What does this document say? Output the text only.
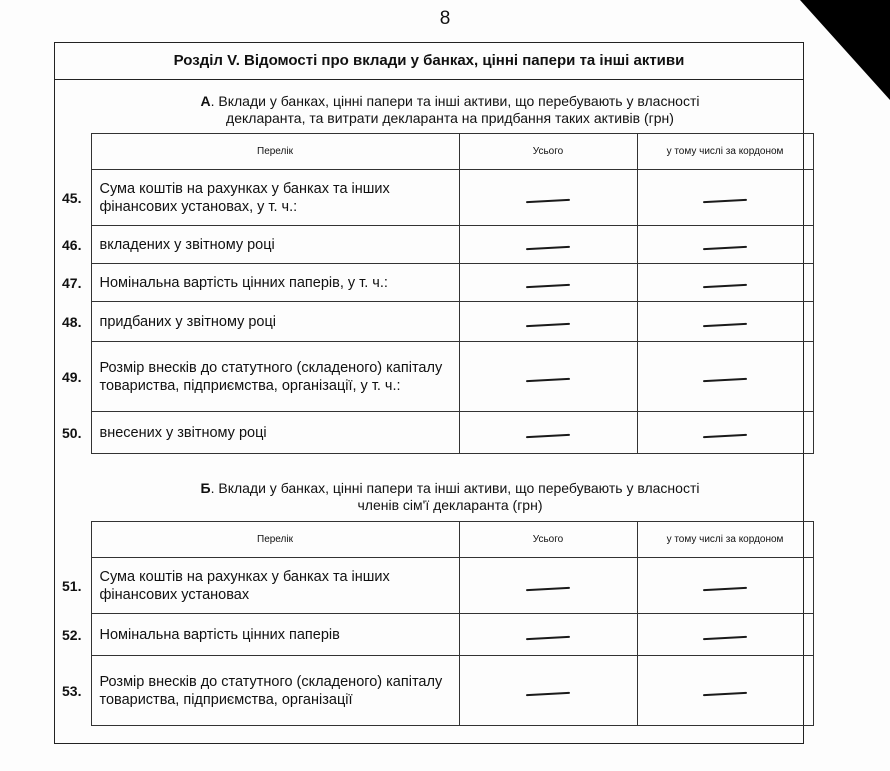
8
Розділ V. Відомості про вклади у банках, цінні папери та інші активи
А. Вклади у банках, цінні папери та інші активи, що перебувають у власності
декларанта, та витрати декларанта на придбання таких активів (грн)
	Перелік	Усього	у тому числі за кордоном
45.	Сума коштів на рахунках у банках та інших фінансових установах, у т. ч.:		
46.	вкладених у звітному році		
47.	Номінальна вартість цінних паперів, у т. ч.:		
48.	придбаних у звітному році		
49.	Розмір внесків до статутного (складеного) капіталу товариства, підприємства, організації, у т. ч.:		
50.	внесених у звітному році		
Б. Вклади у банках, цінні папери та інші активи, що перебувають у власності
членів сім'ї декларанта (грн)
	Перелік	Усього	у тому числі за кордоном
51.	Сума коштів на рахунках у банках та інших фінансових установах		
52.	Номінальна вартість цінних паперів		
53.	Розмір внесків до статутного (складеного) капіталу товариства, підприємства, організації		
